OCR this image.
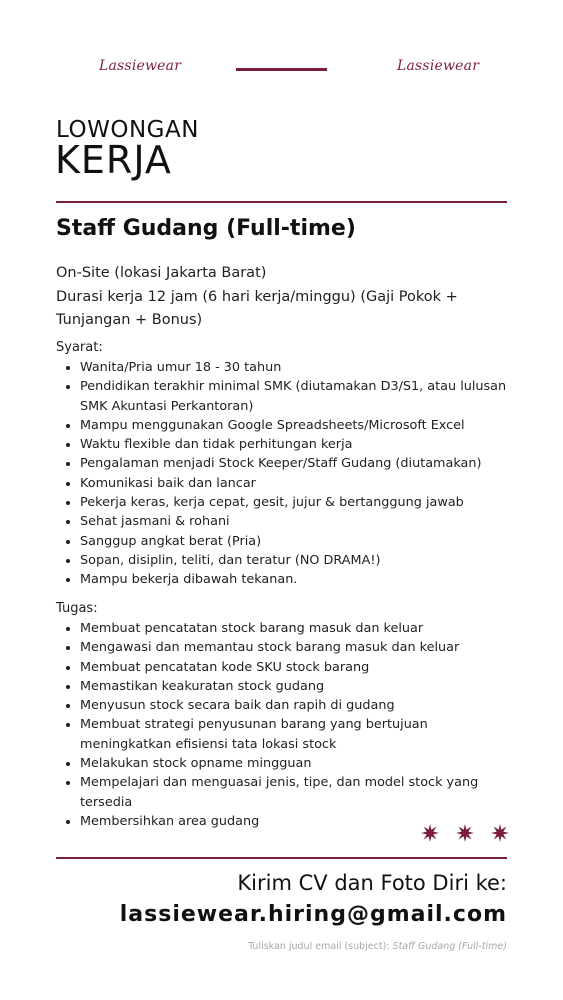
Lassiewear	Lassiewear
LOWONGAN
KERJA
Staff Gudang (Full-time)
On-Site (lokasi Jakarta Barat)
Durasi kerja 12 jam (6 hari kerja/minggu) (Gaji Pokok + Tunjangan + Bonus)
Syarat:
• Wanita/Pria umur 18 - 30 tahun
• Pendidikan terakhir minimal SMK (diutamakan D3/S1, atau lulusan SMK Akuntasi Perkantoran)
• Mampu menggunakan Google Spreadsheets/Microsoft Excel
• Waktu flexible dan tidak perhitungan kerja
• Pengalaman menjadi Stock Keeper/Staff Gudang (diutamakan)
• Komunikasi baik dan lancar
• Pekerja keras, kerja cepat, gesit, jujur & bertanggung jawab
• Sehat jasmani & rohani
• Sanggup angkat berat (Pria)
• Sopan, disiplin, teliti, dan teratur (NO DRAMA!)
• Mampu bekerja dibawah tekanan.
Tugas:
• Membuat pencatatan stock barang masuk dan keluar
• Mengawasi dan memantau stock barang masuk dan keluar
• Membuat pencatatan kode SKU stock barang
• Memastikan keakuratan stock gudang
• Menyusun stock secara baik dan rapih di gudang
• Membuat strategi penyusunan barang yang bertujuan meningkatkan efisiensi tata lokasi stock
• Melakukan stock opname mingguan
• Mempelajari dan menguasai jenis, tipe, dan model stock yang tersedia
• Membersihkan area gudang
Kirim CV dan Foto Diri ke:
lassiewear.hiring@gmail.com
Tuliskan judul email (subject): Staff Gudang (Full-time)
